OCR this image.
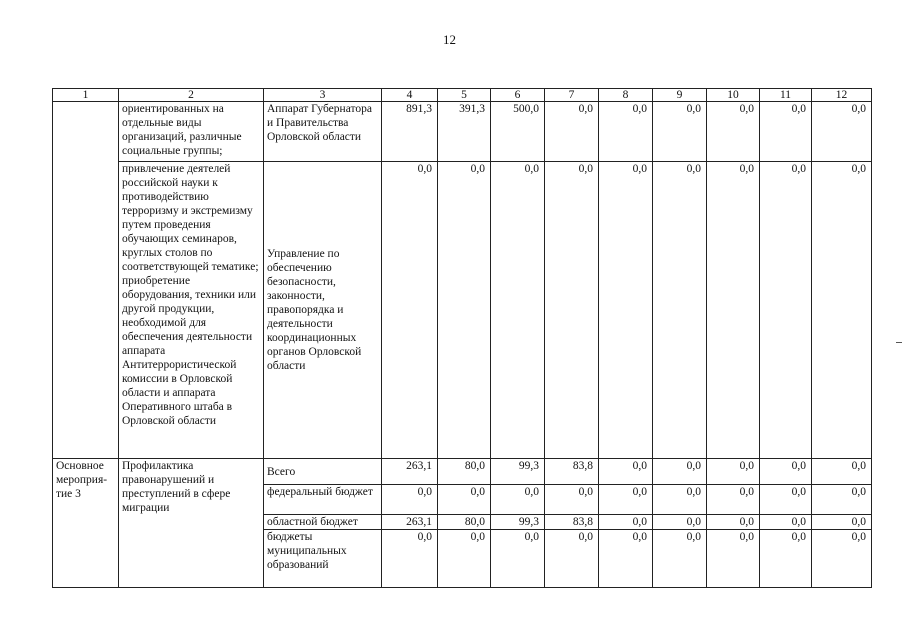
12
1	2	3	4	5	6	7	8	9	10	11	12
	ориентированных на отдельные виды организаций, различные социальные группы;	Аппарат Губернатора и Правительства Орловской области	891,3	391,3	500,0	0,0	0,0	0,0	0,0	0,0	0,0
	привлечение деятелей российской науки к противодействию терроризму и экстремизму путем проведения обучающих семинаров, круглых столов по соответствующей тематике; приобретение оборудования, техники или другой продукции, необходимой для обеспечения деятельности аппарата Антитеррористической комиссии в Орловской области и аппарата Оперативного штаба в Орловской области	Управление по обеспечению безопасности, законности, правопорядка и деятельности координационных органов Орловской области	0,0	0,0	0,0	0,0	0,0	0,0	0,0	0,0	0,0
Основное мероприя-тие 3	Профилактика правонарушений и преступлений в сфере миграции	Всего	263,1	80,0	99,3	83,8	0,0	0,0	0,0	0,0	0,0
		федеральный бюджет	0,0	0,0	0,0	0,0	0,0	0,0	0,0	0,0	0,0
		областной бюджет	263,1	80,0	99,3	83,8	0,0	0,0	0,0	0,0	0,0
		бюджеты муниципальных образований	0,0	0,0	0,0	0,0	0,0	0,0	0,0	0,0	0,0
